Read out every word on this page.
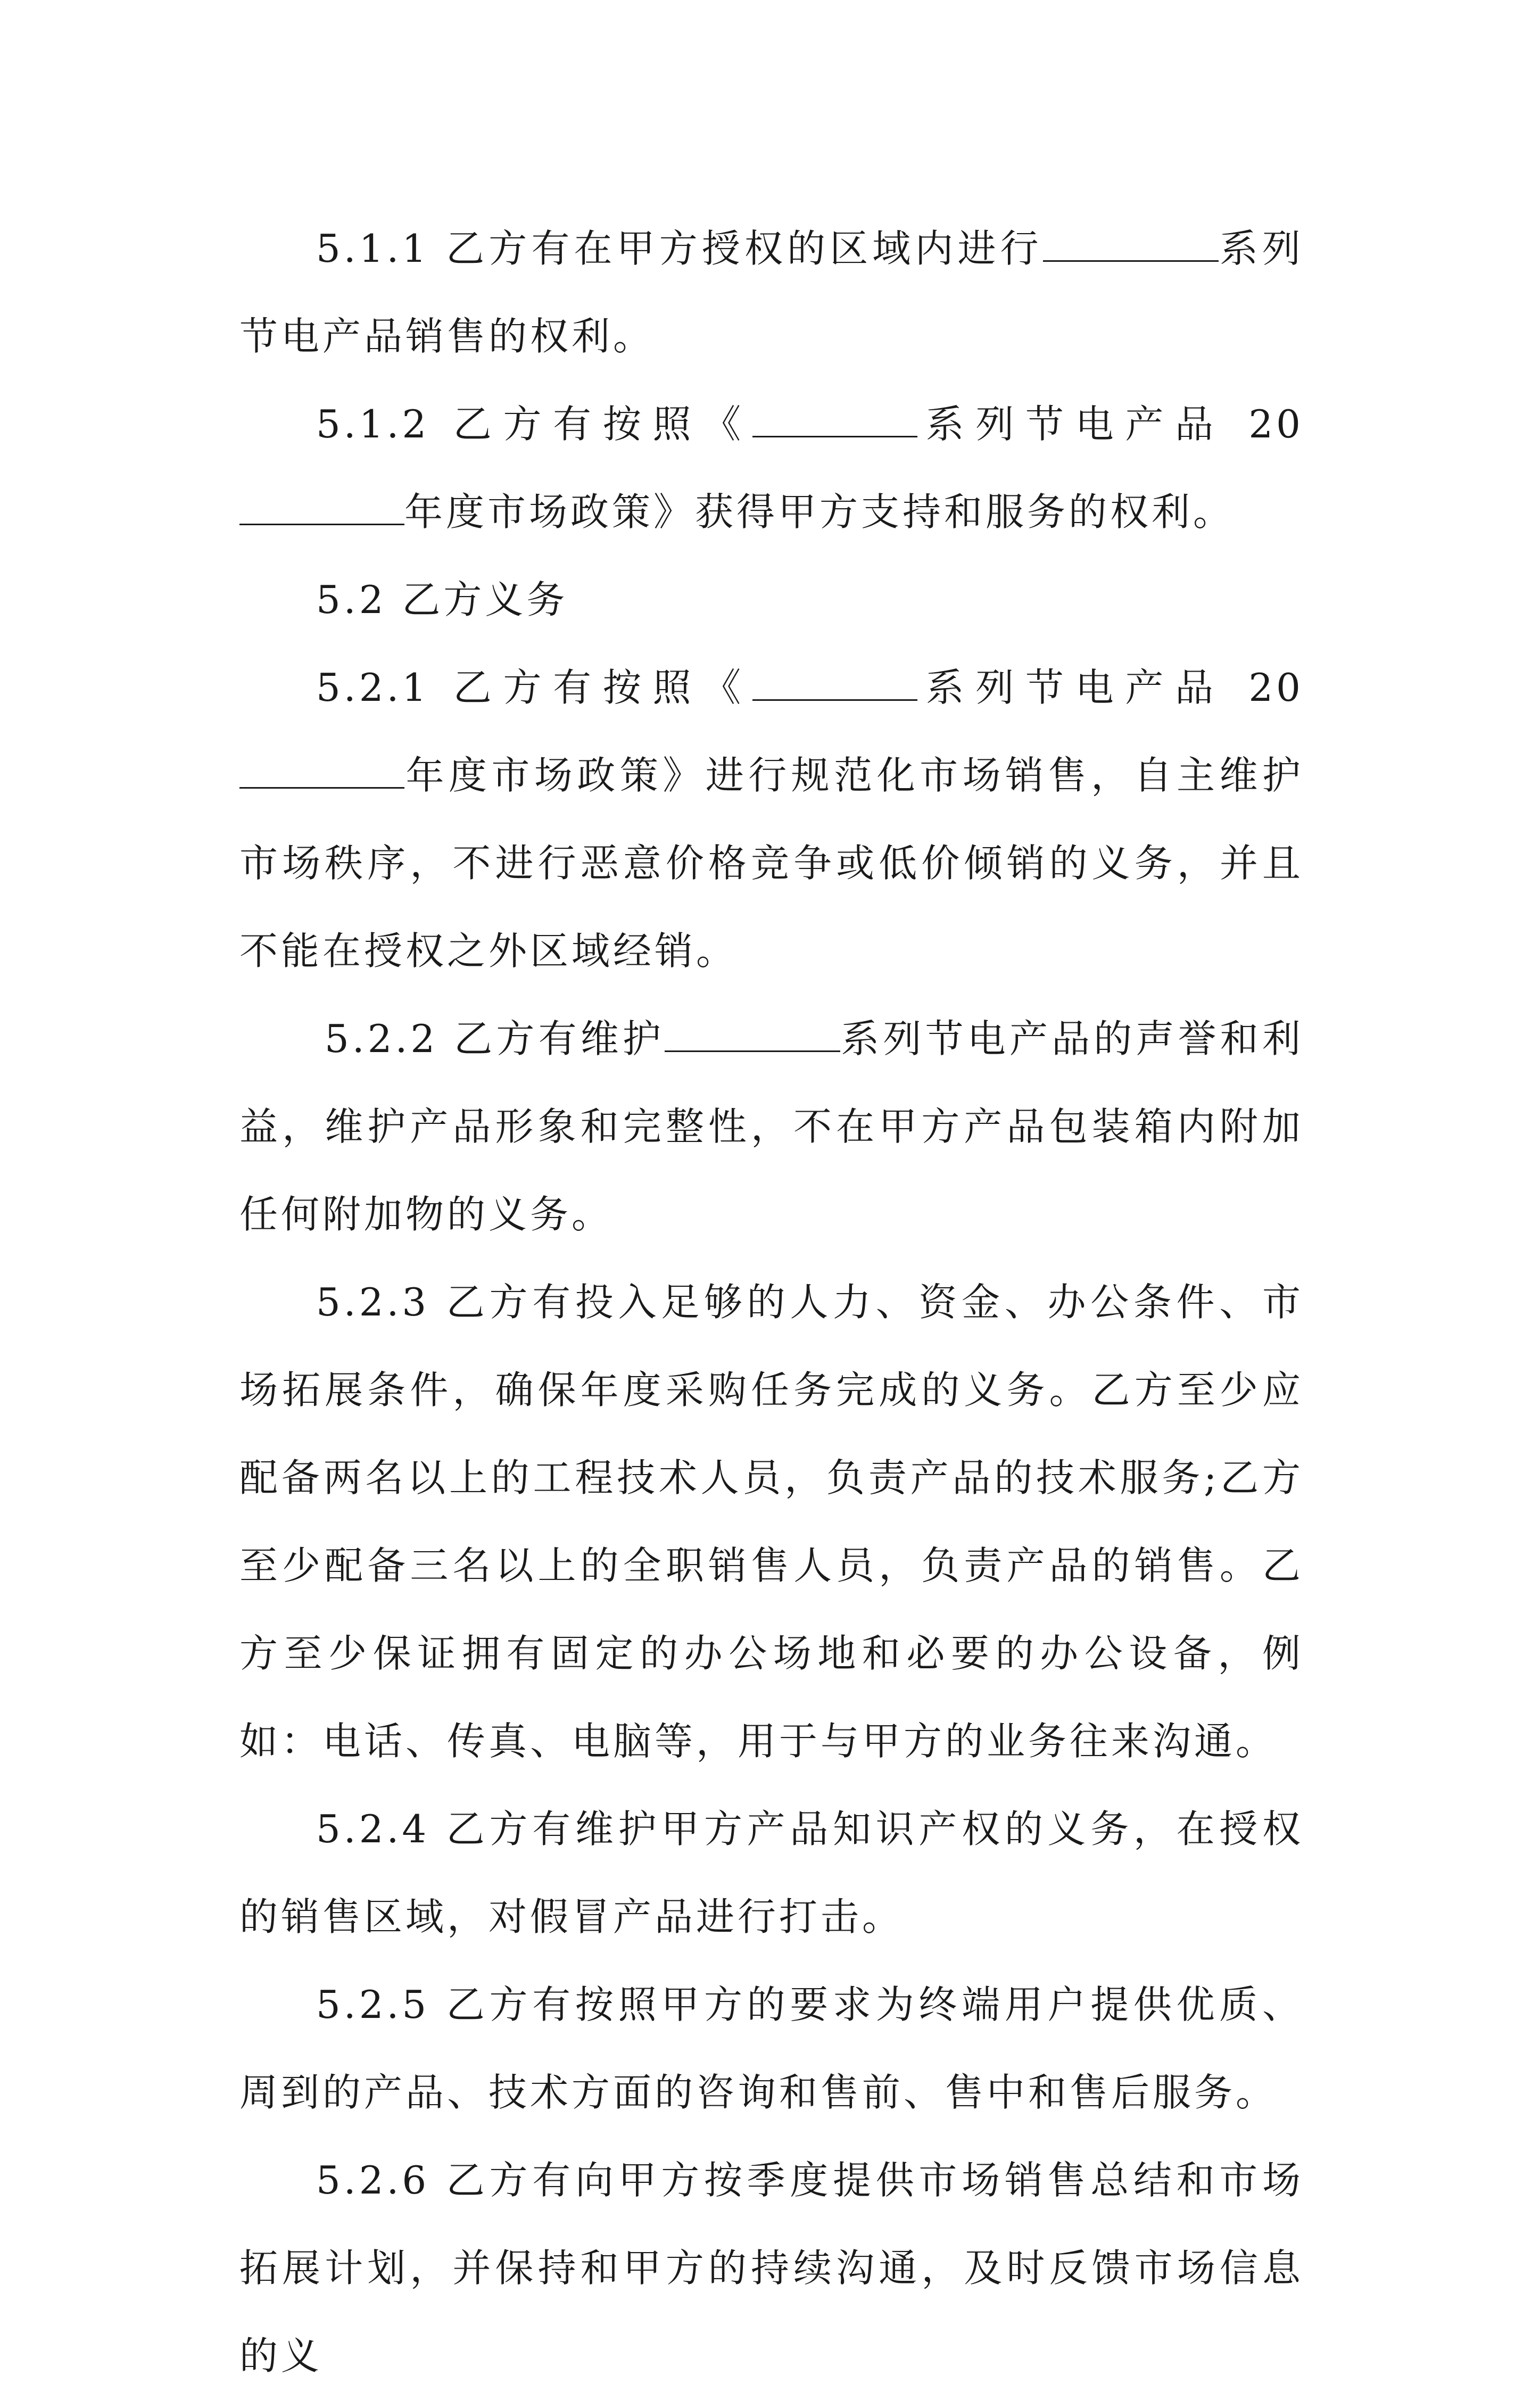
5.1.1 乙方有在甲方授权的区域内进行	系列节电产品销售的权利。

5.1.2 乙方有按照《	系列节电产品 20年度市场政策》获得甲方支持和服务的权利。

5.2 乙方义务

5.2.1 乙方有按照《	系列节电产品 20年度市场政策》进行规范化市场销售，自主维护市场秩序，不进行恶意价格竞争或低价倾销的义务，并且不能在授权之外区域经销。

5.2.2 乙方有维护	系列节电产品的声誉和利益，维护产品形象和完整性，不在甲方产品包装箱内附加任何附加物的义务。

5.2.3 乙方有投入足够的人力、资金、办公条件、市场拓展条件，确保年度采购任务完成的义务。乙方至少应配备两名以上的工程技术人员，负责产品的技术服务;乙方至少配备三名以上的全职销售人员，负责产品的销售。乙方至少保证拥有固定的办公场地和必要的办公设备，例如：电话、传真、电脑等，用于与甲方的业务往来沟通。

5.2.4 乙方有维护甲方产品知识产权的义务，在授权的销售区域，对假冒产品进行打击。

5.2.5 乙方有按照甲方的要求为终端用户提供优质、周到的产品、技术方面的咨询和售前、售中和售后服务。

5.2.6 乙方有向甲方按季度提供市场销售总结和市场拓展计划，并保持和甲方的持续沟通，及时反馈市场信息的义
